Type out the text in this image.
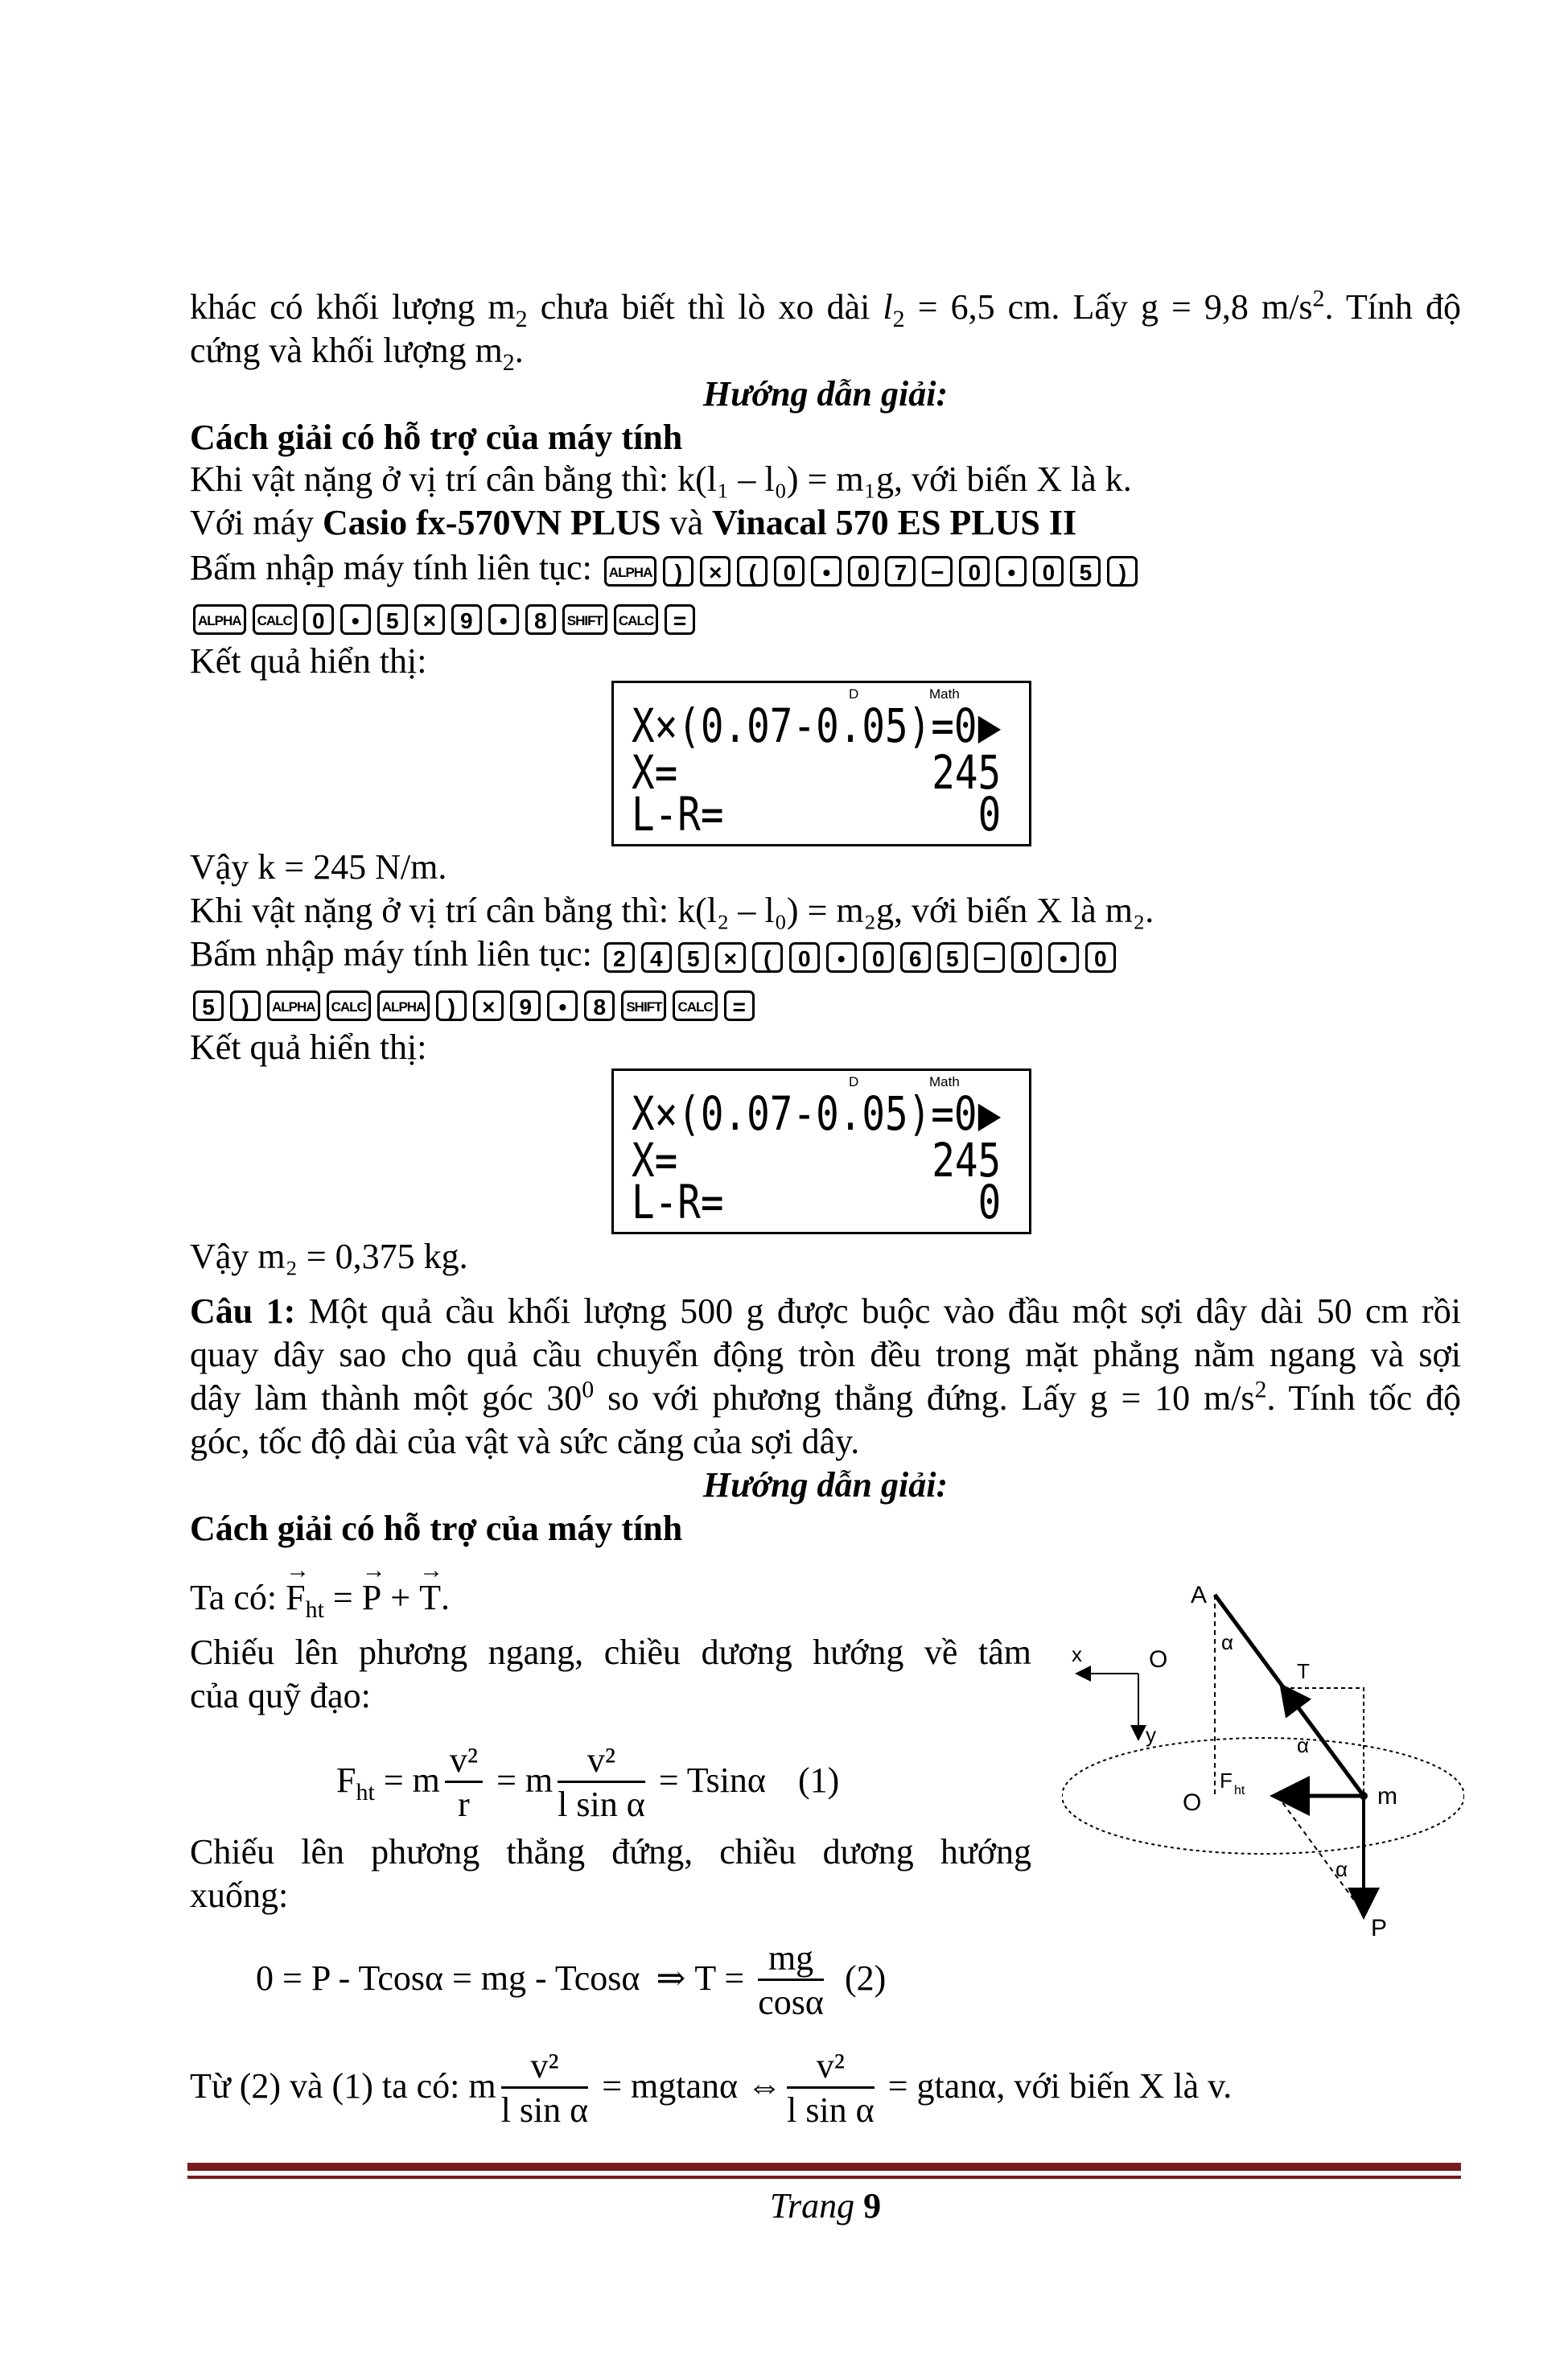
khác có khối lượng $m_2$ chưa biết thì lò xo dài $l_2 = 6,5$ cm. Lấy g = 9,8 $m/s^2$. Tính độ
cứng và khối lượng $m_2$.
Hướng dẫn giải:
Cách giải có hỗ trợ của máy tính
Khi vật nặng ở vị trí cân bằng thì: k(l₁ – l₀) = m₁g, với biến X là k.
Với máy Casio fx-570VN PLUS và Vinacal 570 ES PLUS II
Bấm nhập máy tính liên tục: ALPHA ) × ( 0 • 0 7 − 0 • 0 5 )
ALPHA CALC 0 • 5 × 9 • 8 SHIFT CALC =
Kết quả hiển thị:
D	Math
X×(0.07-0.05)=0 ▶
X=	245
L-R=	0
Vậy k = 245 N/m.
Khi vật nặng ở vị trí cân bằng thì: k(l₂ – l₀) = m₂g, với biến X là m₂.
Bấm nhập máy tính liên tục: 2 4 5 × ( 0 • 0 6 5 − 0 • 0
5 ) ALPHA CALC ALPHA ) × 9 • 8 SHIFT CALC =
Kết quả hiển thị:
D	Math
X×(0.07-0.05)=0 ▶
X=	245
L-R=	0
Vậy m₂ = 0,375 kg.
Câu 1: Một quả cầu khối lượng 500 g được buộc vào đầu một sợi dây dài 50 cm rồi
quay dây sao cho quả cầu chuyển động tròn đều trong mặt phẳng nằm ngang và sợi
dây làm thành một góc $30^0$ so với phương thẳng đứng. Lấy g = 10 $m/s^2$. Tính tốc độ
góc, tốc độ dài của vật và sức căng của sợi dây.
Hướng dẫn giải:
Cách giải có hỗ trợ của máy tính
Ta có: → $F_{ht}$ = → P + → T.
Chiếu lên phương ngang, chiều dương hướng về tâm
của quỹ đạo:
$F_{ht} = m \frac{\text{v²}}{r} = m \frac{\text{v²}}{\text{l sin α}} = Tsin\alpha$ (1)
Chiếu lên phương thẳng đứng, chiều dương hướng
xuống:
0 = P - Tcosα = mg - Tcosα ⇒ $T = \frac{mg}{\cos\alpha} (2)$
Từ (2) và (1) ta có: m $\frac{\text{v²}}{\text{l sin α}} = mgtan\alpha$ ⇔ $\frac{\text{v²}}{\text{l sin α}} = gtan\alpha$, với biến X là v.
A
α
x	O
y
T
α
O
F ht	m
α
P
Trang 9
